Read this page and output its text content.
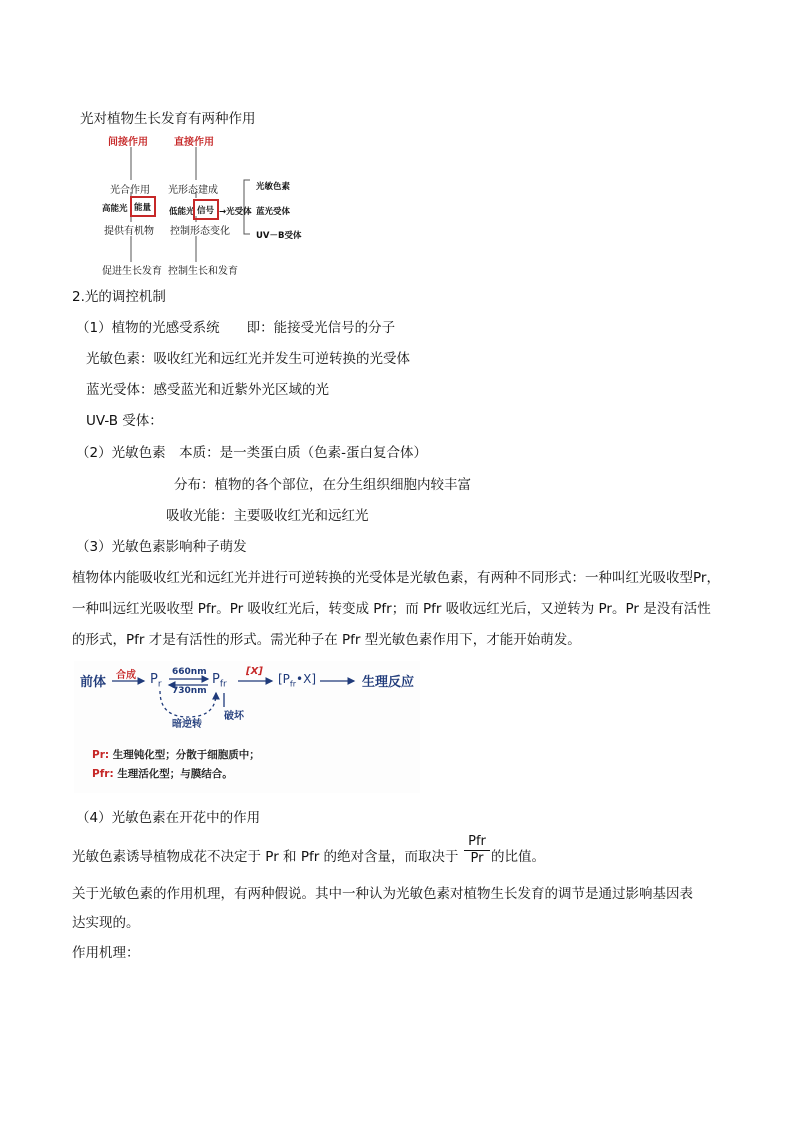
光对植物生长发育有两种作用
间接作用	直接作用
光合作用 光形态建成
高能光 能量 低能光 信号 →光受体
提供有机物 控制形态变化
促进生长发育 控制生长和发育
光敏色素
蓝光受体
UV－B受体
2.光的调控机制
（1）植物的光感受系统　　即：能接受光信号的分子
光敏色素：吸收红光和远红光并发生可逆转换的光受体
蓝光受体：感受蓝光和近紫外光区域的光
UV-B 受体：
（2）光敏色素　本质：是一类蛋白质（色素-蛋白复合体）
分布：植物的各个部位，在分生组织细胞内较丰富
吸收光能：主要吸收红光和远红光
（3）光敏色素影响种子萌发
植物体内能吸收红光和远红光并进行可逆转换的光受体是光敏色素，有两种不同形式：一种叫红光吸收型Pr，
一种叫远红光吸收型 Pfr。Pr 吸收红光后，转变成 Pfr；而 Pfr 吸收远红光后，又逆转为 Pr。Pr 是没有活性
的形式，Pfr 才是有活性的形式。需光种子在 Pfr 型光敏色素作用下，才能开始萌发。
前体 合成 $P_r$
660nm
730nm
$P_{fr}$
[X]
$[P_{fr}•X]$	生理反应
暗逆转
破坏
Pr: 生理钝化型；分散于细胞质中；
Pfr: 生理活化型；与膜结合。
（4）光敏色素在开花中的作用
光敏色素诱导植物成花不决定于 Pr 和 Pfr 的绝对含量，而取决于
Pfr
Pr 的比值。
关于光敏色素的作用机理，有两种假说。其中一种认为光敏色素对植物生长发育的调节是通过影响基因表
达实现的。
作用机理：
